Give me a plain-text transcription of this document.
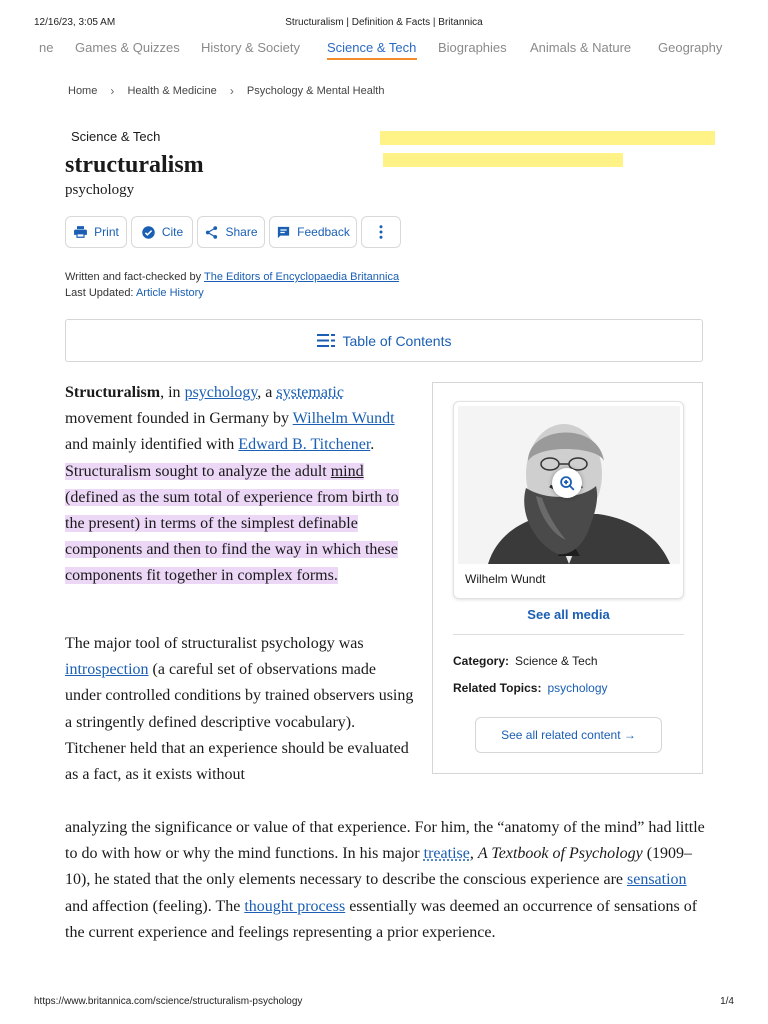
12/16/23, 3:05 AM	Structuralism | Definition & Facts | Britannica
ne Games & Quizzes History & Society Science & Tech Biographies Animals & Nature Geography
Home › Health & Medicine › Psychology & Mental Health
Science & Tech
structuralism
psychology
Print	Cite	Share	Feedback
Written and fact-checked by The Editors of Encyclopaedia Britannica
Last Updated: Article History
Table of Contents
Wilhelm Wundt
See all media
Category: Science & Tech
Related Topics: psychology
See all related content →

Structuralism, in psychology, a systematic movement founded in Germany by Wilhelm Wundt and mainly identified with Edward B. Titchener. Structuralism sought to analyze the adult mind (defined as the sum total of experience from birth to the present) in terms of the simplest definable components and then to find the way in which these components fit together in complex forms.

The major tool of structuralist psychology was introspection (a careful set of observations made under controlled conditions by trained observers using a stringently defined descriptive vocabulary). Titchener held that an experience should be evaluated as a fact, as it exists without

analyzing the significance or value of that experience. For him, the “anatomy of the mind” had little to do with how or why the mind functions. In his major treatise, A Textbook of Psychology (1909–10), he stated that the only elements necessary to describe the conscious experience are sensation and affection (feeling). The thought process essentially was deemed an occurrence of sensations of the current experience and feelings representing a prior experience.

https://www.britannica.com/science/structuralism-psychology	1/4
